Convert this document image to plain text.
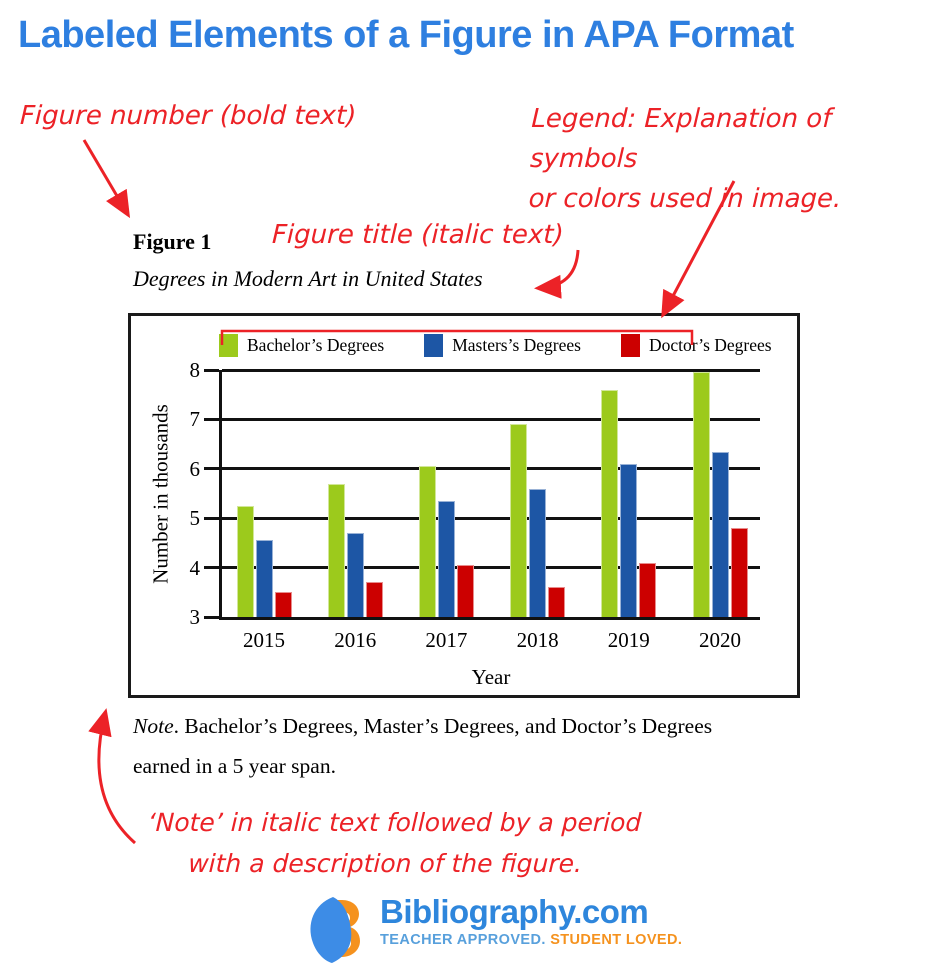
Labeled Elements of a Figure in APA Format
Figure number (bold text)	Legend: Explanation of symbols
or colors used in image.
Figure title (italic text)
Figure 1
Degrees in Modern Art in United States
Bachelor’s Degrees	Masters’s Degrees	Doctor’s Degrees
Number in thousands
3
4
5
6
7
8
2015	2016	2017	2018	2019	2020
Year
Note. Bachelor’s Degrees, Master’s Degrees, and Doctor’s Degrees
earned in a 5 year span.
‘Note’ in italic text followed by a period
with a description of the figure.
Bibliography.com
TEACHER APPROVED. STUDENT LOVED.
